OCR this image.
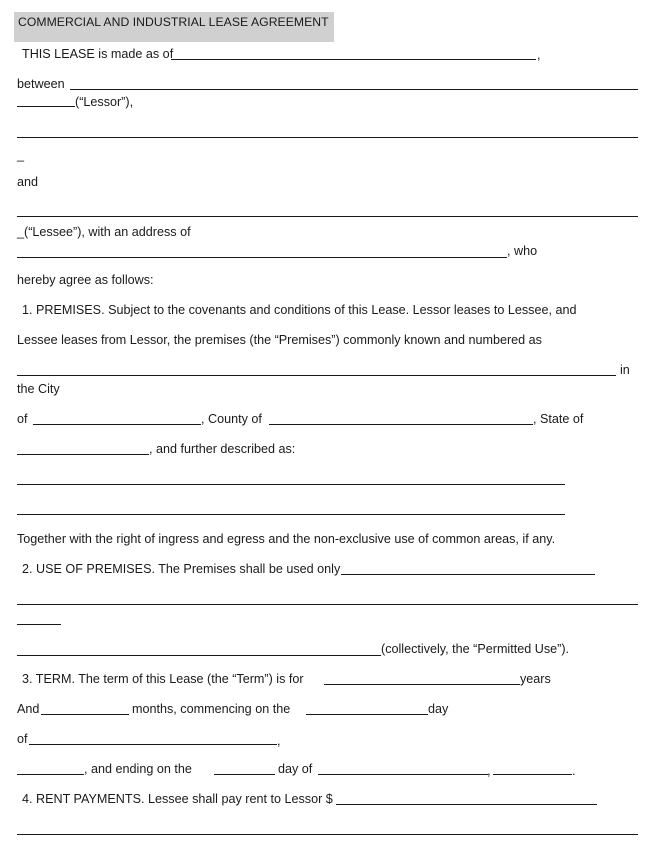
COMMERCIAL AND INDUSTRIAL LEASE AGREEMENT
THIS LEASE is made as of	,
between
(“Lessor”),
_
and
_(“Lessee”), with an address of
, who
hereby agree as follows:
1. PREMISES. Subject to the covenants and conditions of this Lease. Lessor leases to Lessee, and
Lessee leases from Lessor, the premises (the “Premises”) commonly known and numbered as
in
the City
of	, County of	, State of
, and further described as:
Together with the right of ingress and egress and the non-exclusive use of common areas, if any.
2. USE OF PREMISES. The Premises shall be used only
(collectively, the “Permitted Use”).
3. TERM. The term of this Lease (the “Term”) is for	years
And	months, commencing on the	day
of	,
, and ending on the	day of	,	.
4. RENT PAYMENTS. Lessee shall pay rent to Lessor $
